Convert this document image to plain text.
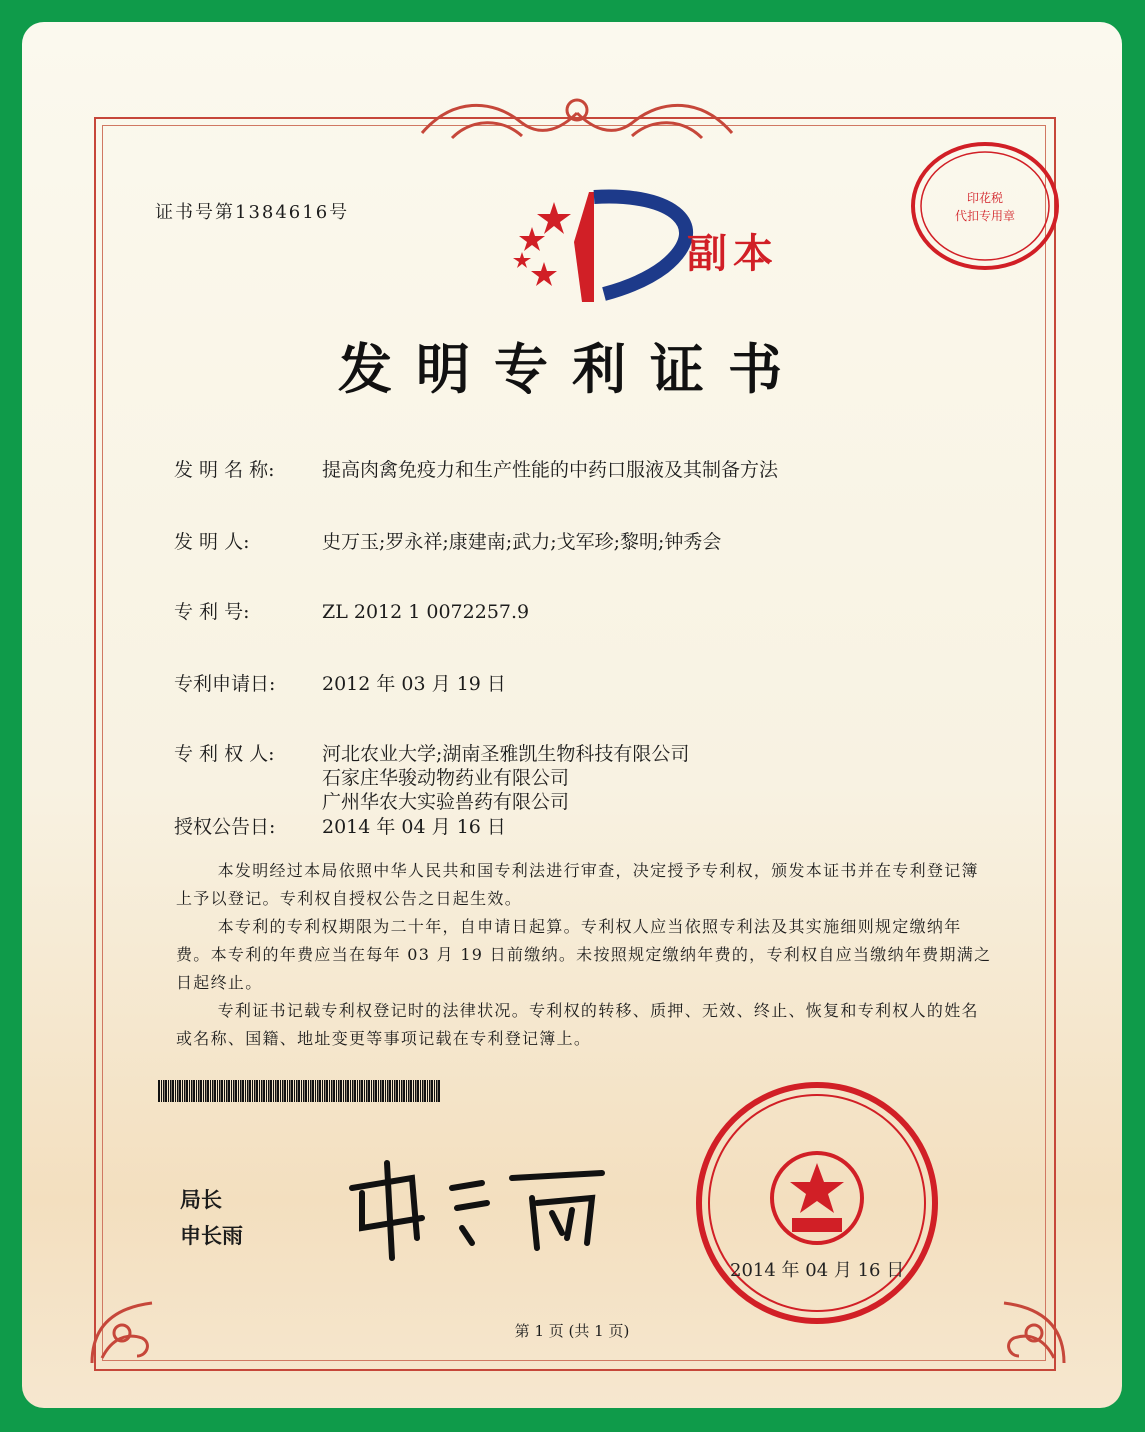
证书号第1384616号
副本
印花税
代扣专用章
发明专利证书
发 明 名 称: 提高肉禽免疫力和生产性能的中药口服液及其制备方法
发 明 人:	史万玉;罗永祥;康建南;武力;戈军珍;黎明;钟秀会
专 利 号:	ZL 2012 1 0072257.9
专利申请日: 2012 年 03 月 19 日
专 利 权 人: 河北农业大学;湖南圣雅凯生物科技有限公司
石家庄华骏动物药业有限公司
广州华农大实验兽药有限公司
授权公告日: 2014 年 04 月 16 日

本发明经过本局依照中华人民共和国专利法进行审查，决定授予专利权，颁发本证书并在专利登记簿上予以登记。专利权自授权公告之日起生效。

本专利的专利权期限为二十年，自申请日起算。专利权人应当依照专利法及其实施细则规定缴纳年费。本专利的年费应当在每年 03 月 19 日前缴纳。未按照规定缴纳年费的，专利权自应当缴纳年费期满之日起终止。

专利证书记载专利权登记时的法律状况。专利权的转移、质押、无效、终止、恢复和专利权人的姓名或名称、国籍、地址变更等事项记载在专利登记簿上。

局长
申长雨
2014 年 04 月 16 日
第 1 页 (共 1 页)
